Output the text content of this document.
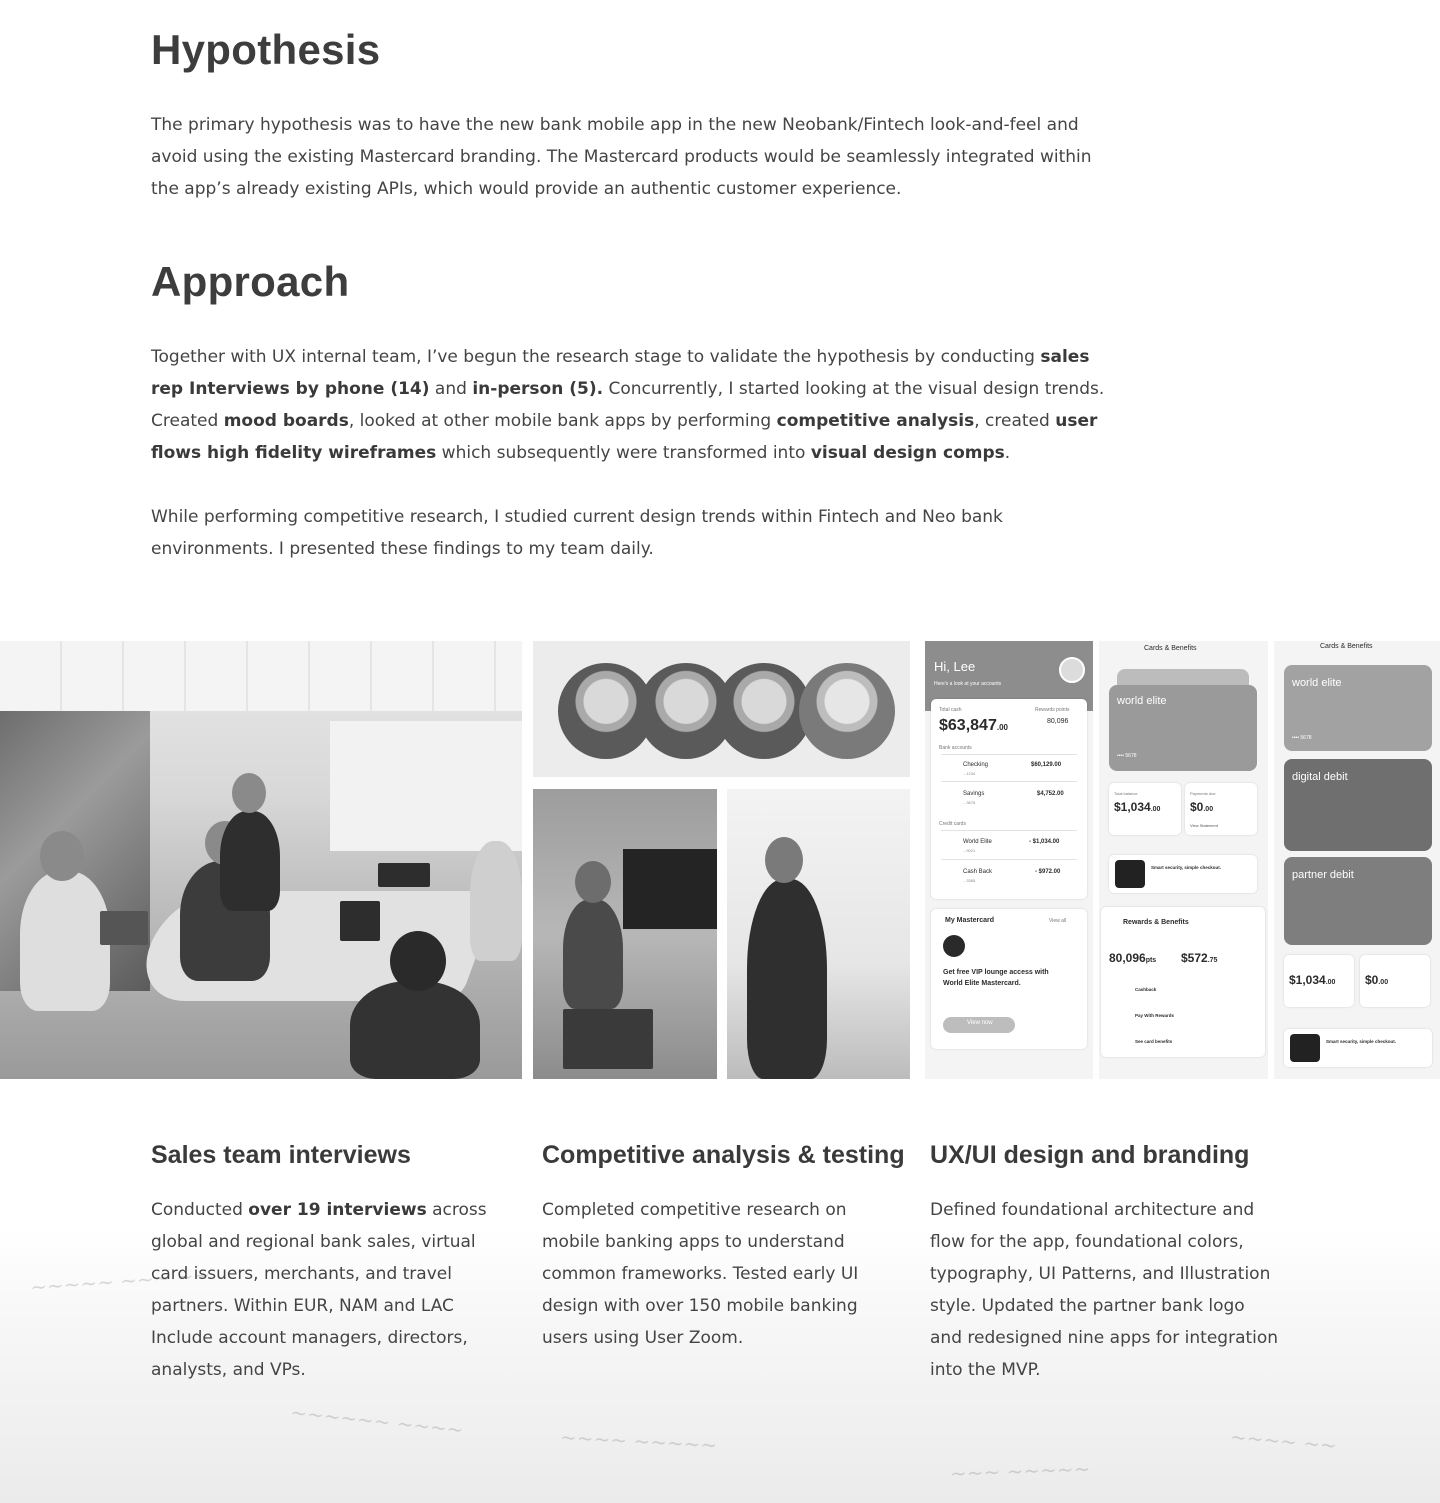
Hypothesis

The primary hypothesis was to have the new bank mobile app in the new Neobank/Fintech look-and-feel and avoid using the existing Mastercard branding. The Mastercard products would be seamlessly integrated within the app’s already existing APIs, which would provide an authentic customer experience.

Approach

Together with UX internal team, I’ve begun the research stage to validate the hypothesis by conducting sales rep Interviews by phone (14) and in-person (5). Concurrently, I started looking at the visual design trends. Created mood boards, looked at other mobile bank apps by performing competitive analysis, created user flows high fidelity wireframes which subsequently were transformed into visual design comps.

While performing competitive research, I studied current design trends within Fintech and Neo bank environments. I presented these findings to my team daily.

Hi, Lee
Here's a look at your accounts
Total cash
$63,847.00
Rewards points
80,096
Bank accounts
Checking
...1234
$60,129.00
Savings
...3678
$4,752.00
Credit cards
World Elite
...9021
- $1,034.00
Cash Back
...3365
- $972.00
My Mastercard	View all
Get free VIP lounge access with World Elite Mastercard.
View now
Cards & Benefits
world elite
•••• 5678
Total balance
$1,034.00
Payments due
$0.00
View Statement
Smart security, simple checkout.
Rewards & Benefits
80,096pts $572.75
Cashback
Pay With Rewards
See card benefits
Cards & Benefits
world elite
•••• 5678
digital debit
partner debit
$1,034.00 $0.00
Smart security, simple checkout.
~~~~~ ~~~ ~~
~~~~~~ ~~~~	~~~~ ~~~~~
~~~ ~~~~~
~~~~ ~~
Sales team interviews

Conducted over 19 interviews across global and regional bank sales, virtual card issuers, merchants, and travel partners. Within EUR, NAM and LAC Include account managers, directors, analysts, and VPs.

Competitive analysis & testing

Completed competitive research on mobile banking apps to understand common frameworks. Tested early UI design with over 150 mobile banking users using User Zoom.

UX/UI design and branding

Defined foundational architecture and flow for the app, foundational colors, typography, UI Patterns, and Illustration style. Updated the partner bank logo and redesigned nine apps for integration into the MVP.
